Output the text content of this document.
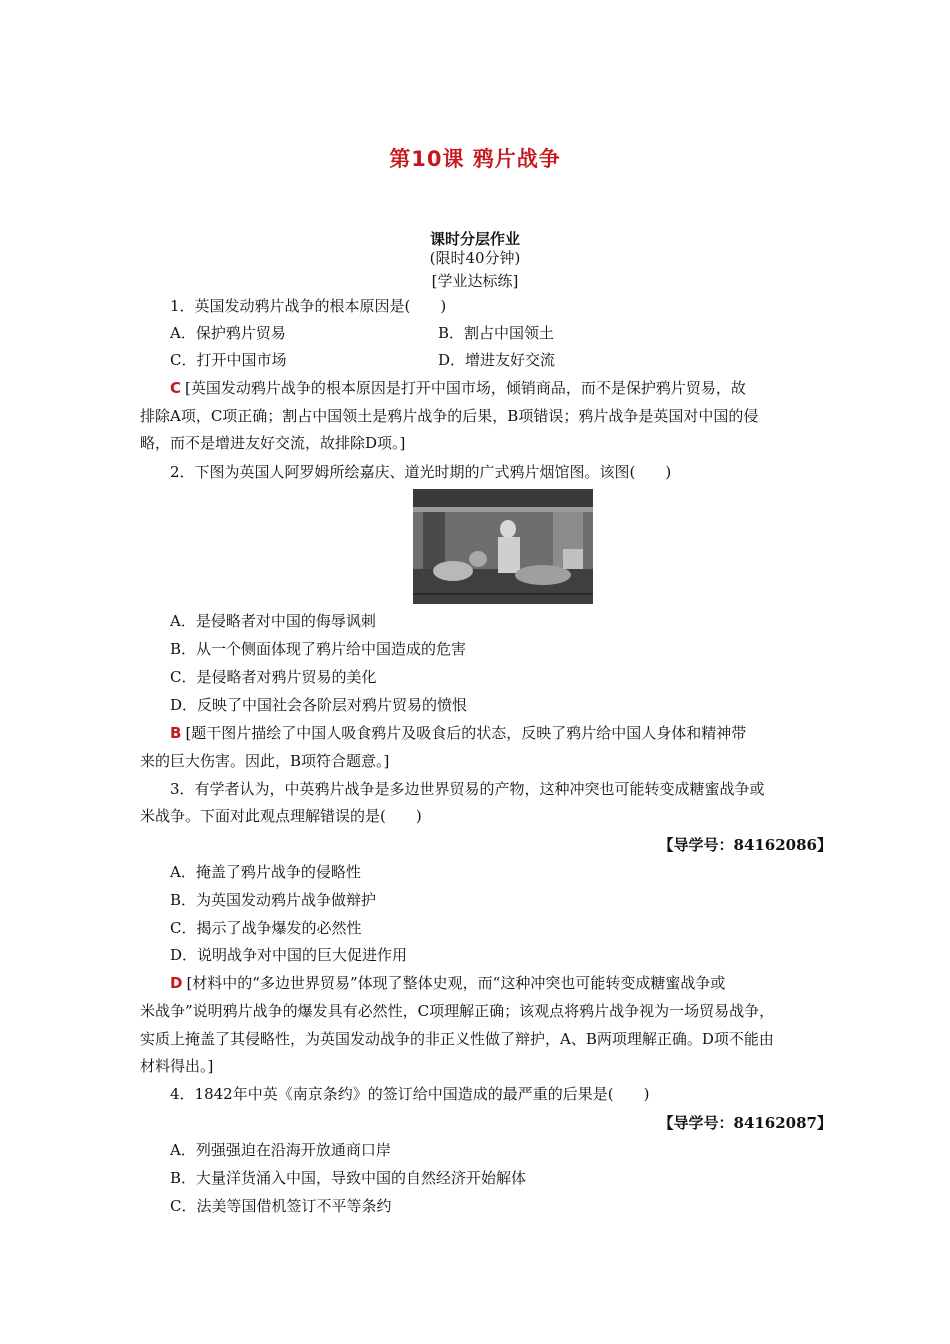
第10课 鸦片战争
课时分层作业
(限时40分钟)
[学业达标练]
1．英国发动鸦片战争的根本原因是(　　)
A．保护鸦片贸易	B．割占中国领土
C．打开中国市场	D．增进友好交流
C [英国发动鸦片战争的根本原因是打开中国市场，倾销商品，而不是保护鸦片贸易，故
排除A项，C项正确；割占中国领土是鸦片战争的后果，B项错误；鸦片战争是英国对中国的侵
略，而不是增进友好交流，故排除D项。]
2．下图为英国人阿罗姆所绘嘉庆、道光时期的广式鸦片烟馆图。该图(　　)
A．是侵略者对中国的侮辱讽刺
B．从一个侧面体现了鸦片给中国造成的危害
C．是侵略者对鸦片贸易的美化
D．反映了中国社会各阶层对鸦片贸易的愤恨
B [题干图片描绘了中国人吸食鸦片及吸食后的状态，反映了鸦片给中国人身体和精神带
来的巨大伤害。因此，B项符合题意。]
3．有学者认为，中英鸦片战争是多边世界贸易的产物，这种冲突也可能转变成糖蜜战争或
米战争。下面对此观点理解错误的是(　　)
【导学号：84162086】
A．掩盖了鸦片战争的侵略性
B．为英国发动鸦片战争做辩护
C．揭示了战争爆发的必然性
D．说明战争对中国的巨大促进作用
D [材料中的“多边世界贸易”体现了整体史观，而“这种冲突也可能转变成糖蜜战争或
米战争”说明鸦片战争的爆发具有必然性，C项理解正确；该观点将鸦片战争视为一场贸易战争，
实质上掩盖了其侵略性，为英国发动战争的非正义性做了辩护，A、B两项理解正确。D项不能由
材料得出。]
4．1842年中英《南京条约》的签订给中国造成的最严重的后果是(　　)
【导学号：84162087】
A．列强强迫在沿海开放通商口岸
B．大量洋货涌入中国，导致中国的自然经济开始解体
C．法美等国借机签订不平等条约
